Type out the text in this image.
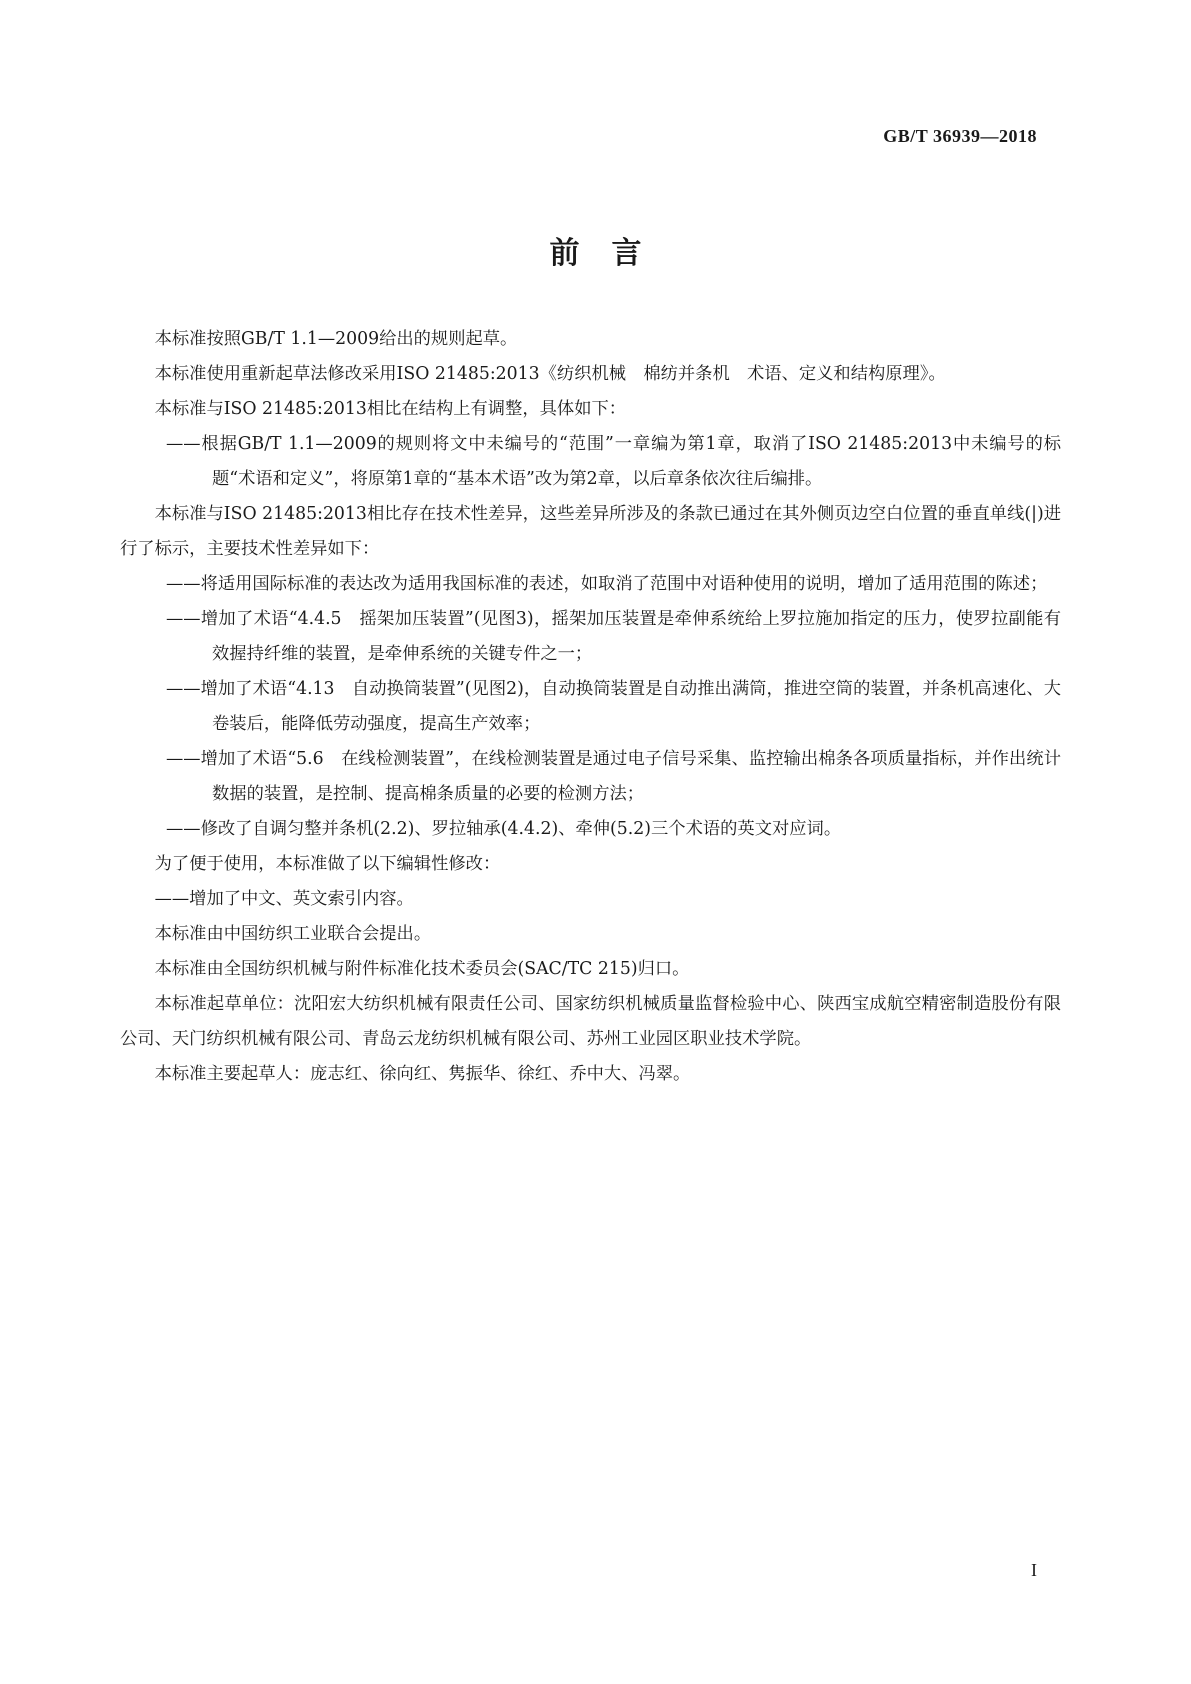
GB/T 36939—2018
前言

本标准按照GB/T 1.1—2009给出的规则起草。

本标准使用重新起草法修改采用ISO 21485:2013《纺织机械　棉纺并条机　术语、定义和结构原理》。

本标准与ISO 21485:2013相比在结构上有调整，具体如下：

——根据GB/T 1.1—2009的规则将文中未编号的“范围”一章编为第1章，取消了ISO 21485:2013中未编号的标题“术语和定义”，将原第1章的“基本术语”改为第2章，以后章条依次往后编排。

本标准与ISO 21485:2013相比存在技术性差异，这些差异所涉及的条款已通过在其外侧页边空白位置的垂直单线(|)进行了标示，主要技术性差异如下：

——将适用国际标准的表达改为适用我国标准的表述，如取消了范围中对语种使用的说明，增加了适用范围的陈述；

——增加了术语“4.4.5　摇架加压装置”(见图3)，摇架加压装置是牵伸系统给上罗拉施加指定的压力，使罗拉副能有效握持纤维的装置，是牵伸系统的关键专件之一；

——增加了术语“4.13　自动换筒装置”(见图2)，自动换筒装置是自动推出满筒，推进空筒的装置，并条机高速化、大卷装后，能降低劳动强度，提高生产效率；

——增加了术语“5.6　在线检测装置”，在线检测装置是通过电子信号采集、监控输出棉条各项质量指标，并作出统计数据的装置，是控制、提高棉条质量的必要的检测方法；

——修改了自调匀整并条机(2.2)、罗拉轴承(4.4.2)、牵伸(5.2)三个术语的英文对应词。

为了便于使用，本标准做了以下编辑性修改：

——增加了中文、英文索引内容。

本标准由中国纺织工业联合会提出。

本标准由全国纺织机械与附件标准化技术委员会(SAC/TC 215)归口。

本标准起草单位：沈阳宏大纺织机械有限责任公司、国家纺织机械质量监督检验中心、陕西宝成航空精密制造股份有限公司、天门纺织机械有限公司、青岛云龙纺织机械有限公司、苏州工业园区职业技术学院。

本标准主要起草人：庞志红、徐向红、隽振华、徐红、乔中大、冯翠。

I
